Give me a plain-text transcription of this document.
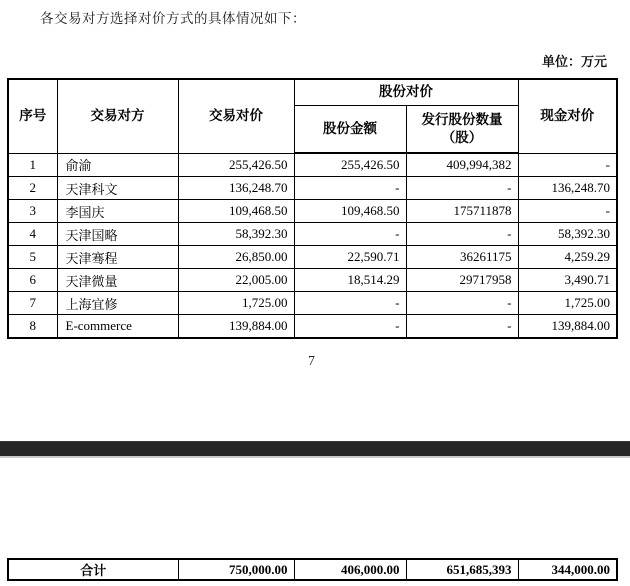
各交易对方选择对价方式的具体情况如下：
单位：万元
序号	交易对方	交易对价	股份对价		现金对价
			股份金额	发行股份数量
（股）	
1	俞渝	255,426.50	255,426.50	409,994,382	-
2	天津科文	136,248.70	-	-	136,248.70
3	李国庆	109,468.50	109,468.50	175711878	-
4	天津国略	58,392.30	-	-	58,392.30
5	天津骞程	26,850.00	22,590.71	36261175	4,259.29
6	天津微量	22,005.00	18,514.29	29717958	3,490.71
7	上海宜修	1,725.00	-	-	1,725.00
8	E-commerce	139,884.00	-	-	139,884.00
7
合计	750,000.00	406,000.00	651,685,393	344,000.00
